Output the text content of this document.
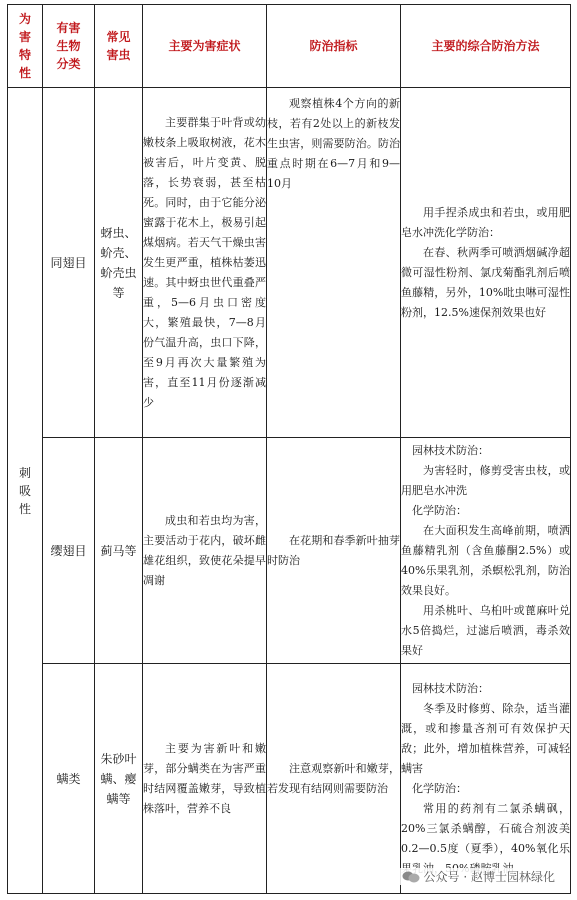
为害特性	有害生物分类	常见害虫	主要为害症状	防治指标	主要的综合防治方法
刺吸性	同翅目	蚜虫、蚧壳、蚧壳虫等	主要群集于叶背或幼嫩枝条上吸取树液，花木被害后，叶片变黄、脱落，长势衰弱，甚至枯死。同时，由于它能分泌蜜露于花木上，极易引起煤烟病。若天气干燥虫害发生更严重，植株枯萎迅速。其中蚜虫世代重叠严重，5—6月虫口密度大，繁殖最快，7—8月份气温升高，虫口下降，至9月再次大量繁殖为害，直至11月份逐渐减少	观察植株4个方向的新枝，若有2处以上的新枝发生虫害，则需要防治。防治重点时期在6—7月和9—10月	用手捏杀成虫和若虫，或用肥皂水冲洗化学防治：

在春、秋两季可喷洒烟碱净超微可湿性粉剂、氯戊菊酯乳剂后喷鱼藤精，另外，10%吡虫啉可湿性粉剂，12.5%速保剂效果也好

	缨翅目	蓟马等	成虫和若虫均为害，主要活动于花内，破坏雌雄花组织，致使花朵提早凋谢	在花期和春季新叶抽芽时防治	园林技术防治：

为害轻时，修剪受害虫枝，或用肥皂水冲洗

化学防治：

在大面积发生高峰前期，喷洒鱼藤精乳剂（含鱼藤酮2.5%）或40%乐果乳剂，杀螟松乳剂，防治效果良好。

用杀桃叶、乌桕叶或蓖麻叶兑水5倍捣烂，过滤后喷洒，毒杀效果好

	螨类	朱砂叶螨、瘿螨等	主要为害新叶和嫩芽，部分螨类在为害严重时结网覆盖嫩芽，导致植株落叶，营养不良	注意观察新叶和嫩芽，若发现有结网则需要防治	园林技术防治：

冬季及时修剪、除杂，适当灌溉，或和掺量吝剂可有效保护天敌；此外，增加植株营养，可减轻螨害

化学防治：

常用的药剂有二氯杀螨砜，20%三氯杀螨醇，石硫合剂波美0.2—0.5度（夏季），40%氧化乐

公众号 · 赵博士园林绿化
